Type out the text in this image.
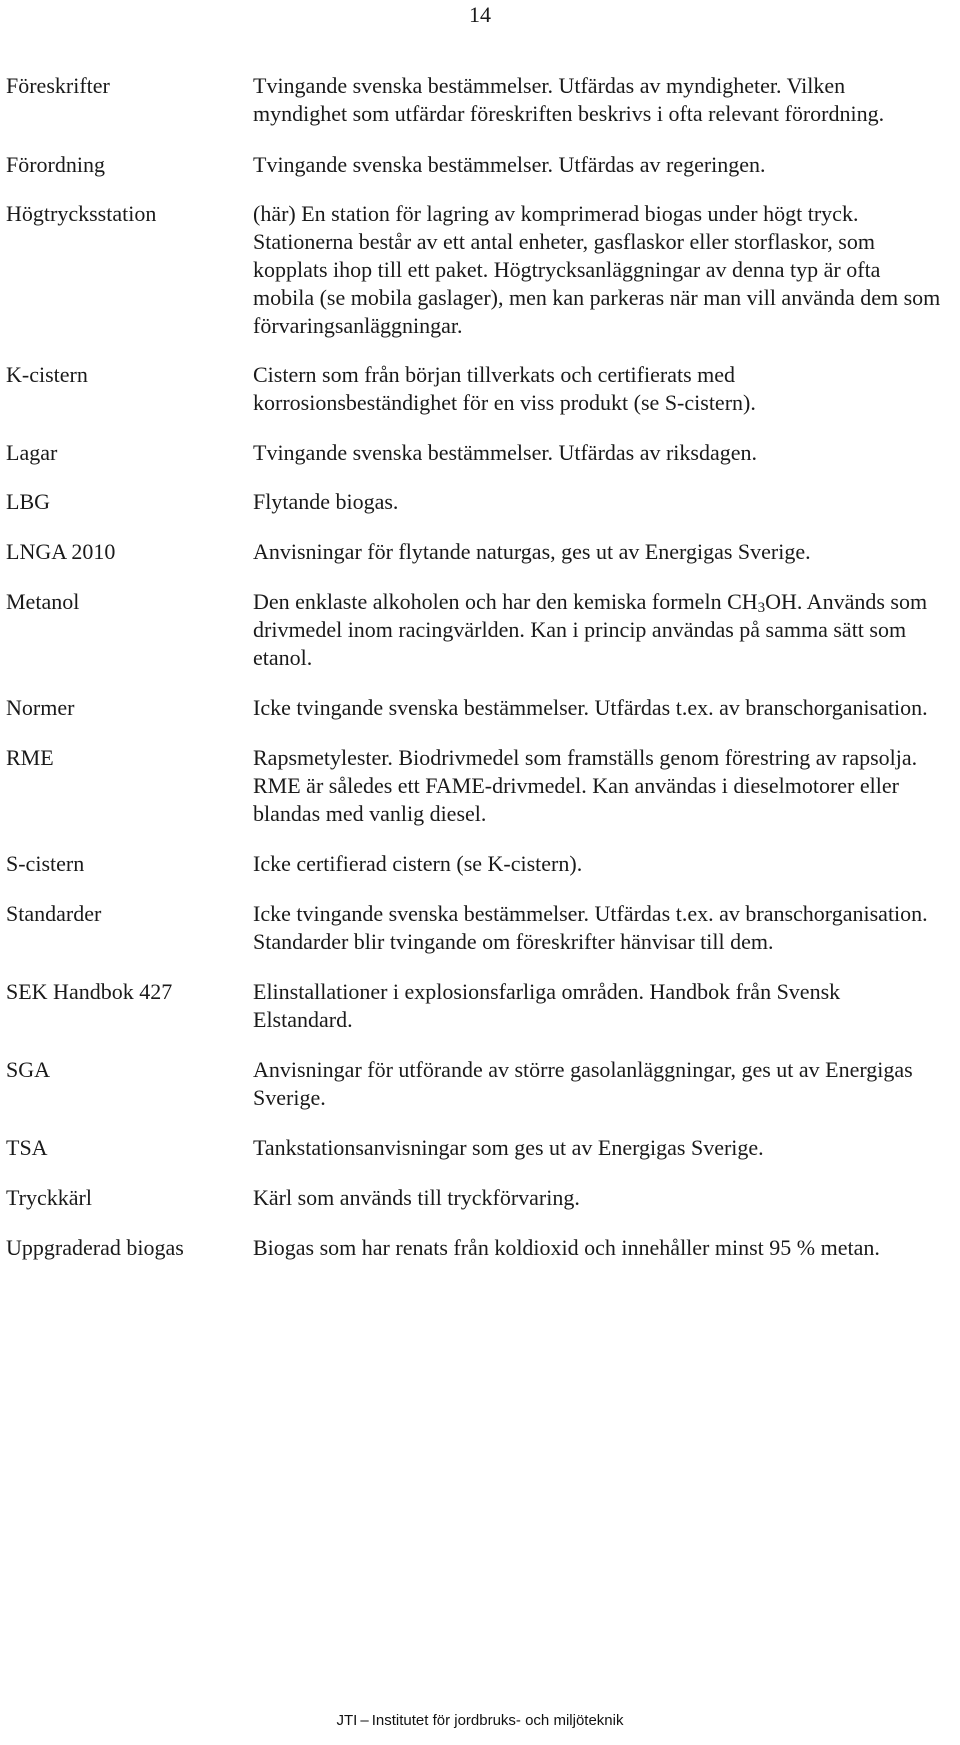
14
Föreskrifter	Tvingande svenska bestämmelser. Utfärdas av myndigheter. Vilken myndighet som utfärdar föreskriften beskrivs i ofta relevant förordning.
Förordning	Tvingande svenska bestämmelser. Utfärdas av regeringen.
Högtrycksstation	(här) En station för lagring av komprimerad biogas under högt tryck. Stationerna består av ett antal enheter, gasflaskor eller storflaskor, som kopplats ihop till ett paket. Högtrycksanläggningar av denna typ är ofta mobila (se mobila gaslager), men kan parkeras när man vill använda dem som förvaringsanläggningar.
K-cistern	Cistern som från början tillverkats och certifierats med korrosionsbeständighet för en viss produkt (se S-cistern).
Lagar	Tvingande svenska bestämmelser. Utfärdas av riksdagen.
LBG	Flytande biogas.
LNGA 2010	Anvisningar för flytande naturgas, ges ut av Energigas Sverige.
Metanol	Den enklaste alkoholen och har den kemiska formeln $CH_3OH$. Används som drivmedel inom racingvärlden. Kan i princip användas på samma sätt som etanol.
Normer	Icke tvingande svenska bestämmelser. Utfärdas t.ex. av branschorganisation.
RME	Rapsmetylester. Biodrivmedel som framställs genom förestring av rapsolja. RME är således ett FAME-drivmedel. Kan användas i dieselmotorer eller blandas med vanlig diesel.
S-cistern	Icke certifierad cistern (se K-cistern).
Standarder	Icke tvingande svenska bestämmelser. Utfärdas t.ex. av branschorganisation. Standarder blir tvingande om föreskrifter hänvisar till dem.
SEK Handbok 427	Elinstallationer i explosionsfarliga områden. Handbok från Svensk Elstandard.
SGA	Anvisningar för utförande av större gasolanläggningar, ges ut av Energigas Sverige.
TSA	Tankstationsanvisningar som ges ut av Energigas Sverige.
Tryckkärl	Kärl som används till tryckförvaring.
Uppgraderad biogas	Biogas som har renats från koldioxid och innehåller minst 95 % metan.
JTI – Institutet för jordbruks- och miljöteknik
